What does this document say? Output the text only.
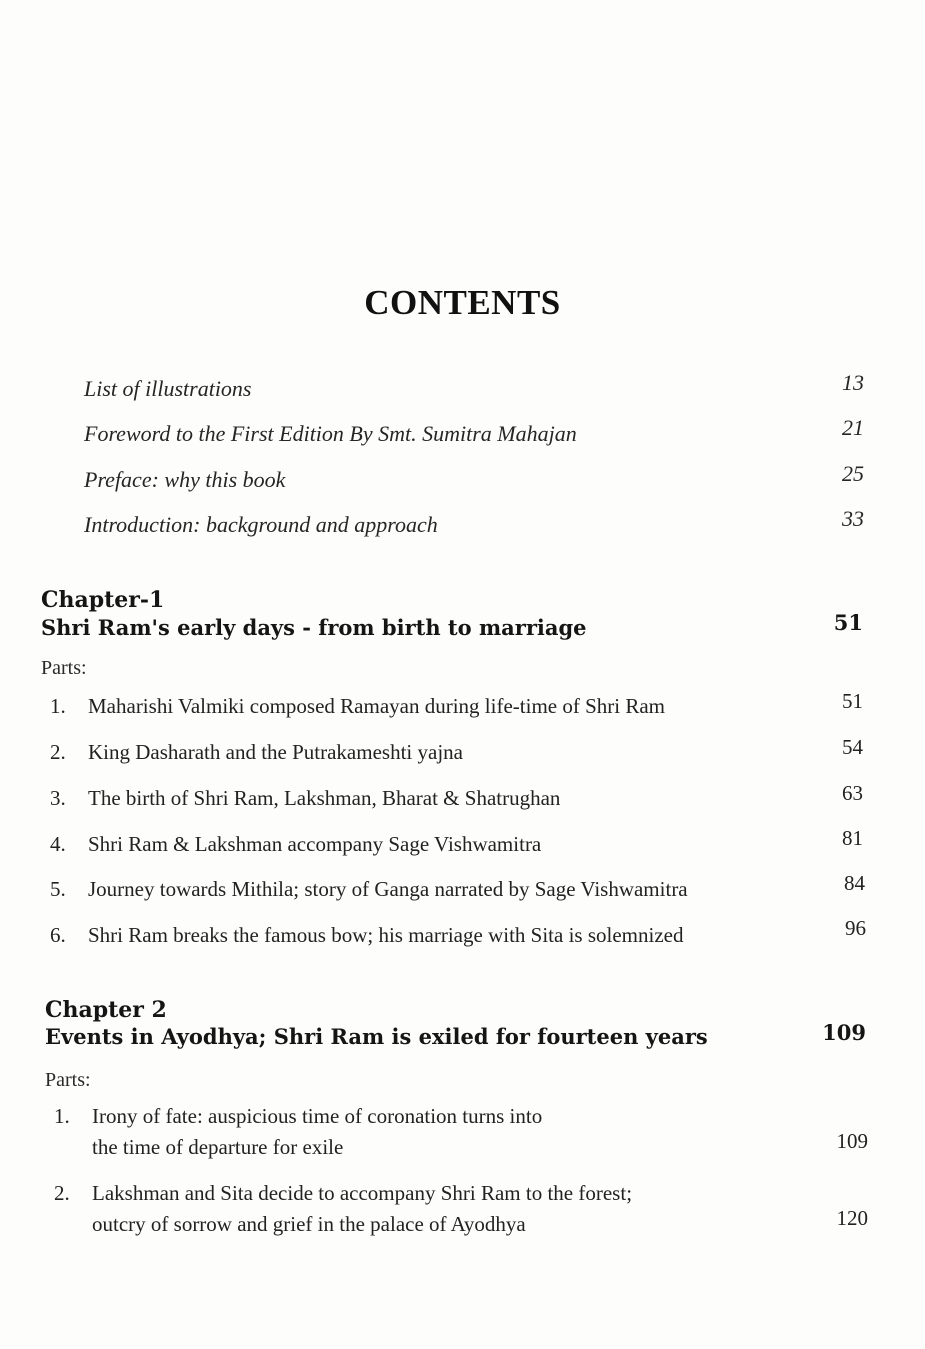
CONTENTS
List of illustrations	13
Foreword to the First Edition By Smt. Sumitra Mahajan	21
Preface: why this book	25
Introduction: background and approach	33
Chapter-1
Shri Ram's early days - from birth to marriage	51
Parts:
1. Maharishi Valmiki composed Ramayan during life-time of Shri Ram	51
2. King Dasharath and the Putrakameshti yajna	54
3. The birth of Shri Ram, Lakshman, Bharat & Shatrughan	63
4. Shri Ram & Lakshman accompany Sage Vishwamitra	81
5. Journey towards Mithila; story of Ganga narrated by Sage Vishwamitra	84
6. Shri Ram breaks the famous bow; his marriage with Sita is solemnized	96
Chapter 2
Events in Ayodhya; Shri Ram is exiled for fourteen years	109
Parts:
1. Irony of fate: auspicious time of coronation turns into
the time of departure for exile	109
2. Lakshman and Sita decide to accompany Shri Ram to the forest;
outcry of sorrow and grief in the palace of Ayodhya	120
